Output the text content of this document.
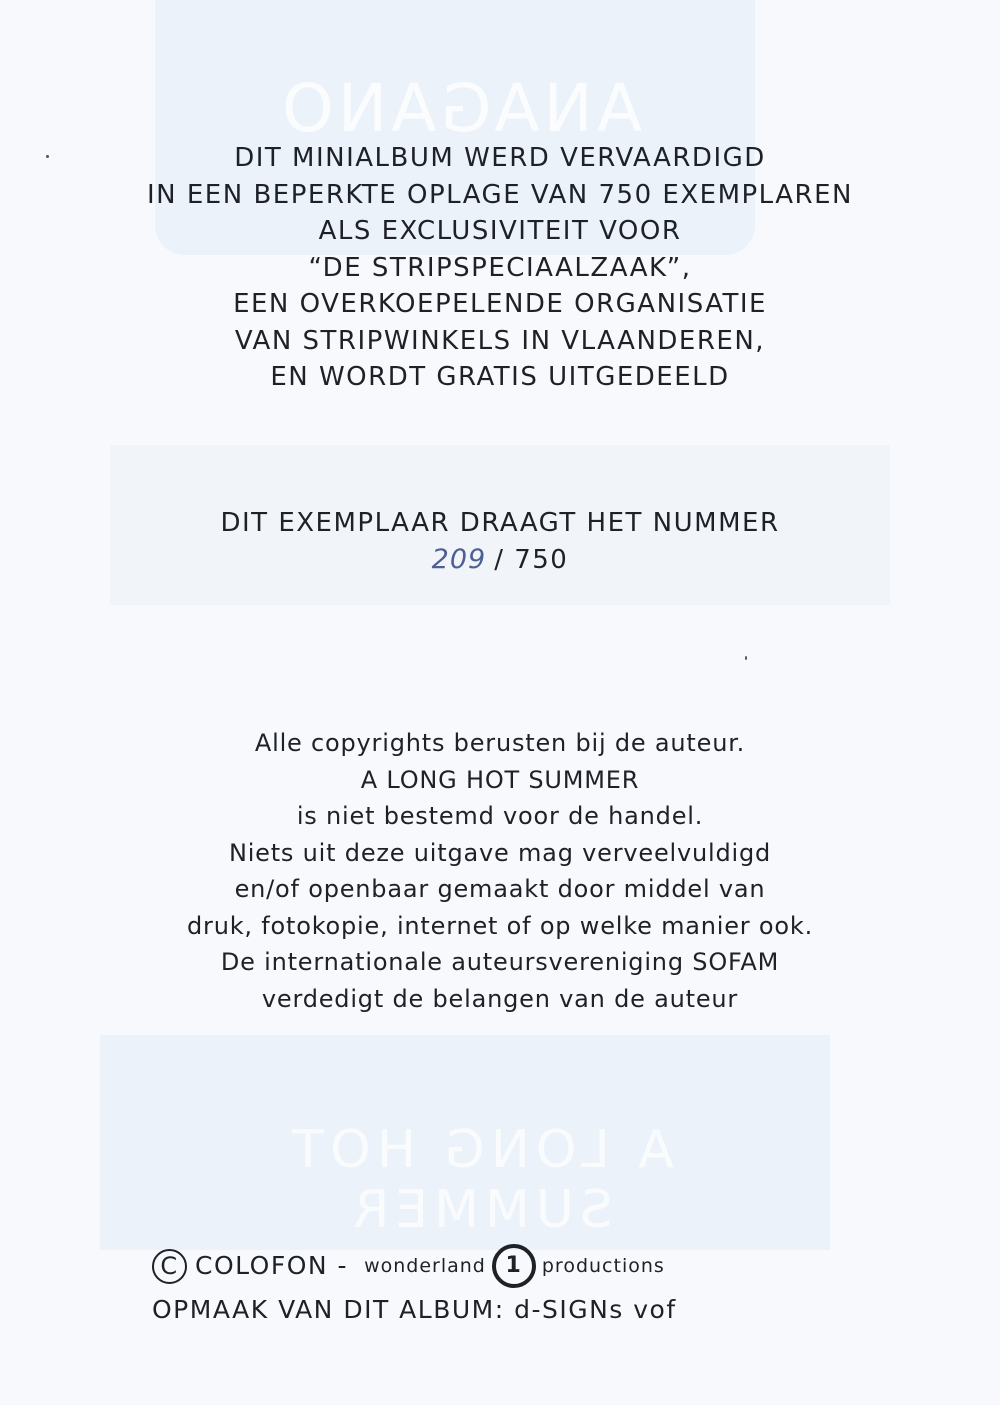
ANAGANO
A LONG HOT SUMMER
DIT MINIALBUM WERD VERVAARDIGD
IN EEN BEPERKTE OPLAGE VAN 750 EXEMPLAREN
ALS EXCLUSIVITEIT VOOR
“DE STRIPSPECIAALZAAK”,
EEN OVERKOEPELENDE ORGANISATIE
VAN STRIPWINKELS IN VLAANDEREN,
EN WORDT GRATIS UITGEDEELD
DIT EXEMPLAAR DRAAGT HET NUMMER
209 / 750
Alle copyrights berusten bij de auteur.
A LONG HOT SUMMER
is niet bestemd voor de handel.
Niets uit deze uitgave mag verveelvuldigd
en/of openbaar gemaakt door middel van
druk, fotokopie, internet of op welke manier ook.
De internationale auteursvereniging SOFAM
verdedigt de belangen van de auteur
C COLOFON - wonderland 1	productions
OPMAAK VAN DIT ALBUM: d-SIGNs vof
